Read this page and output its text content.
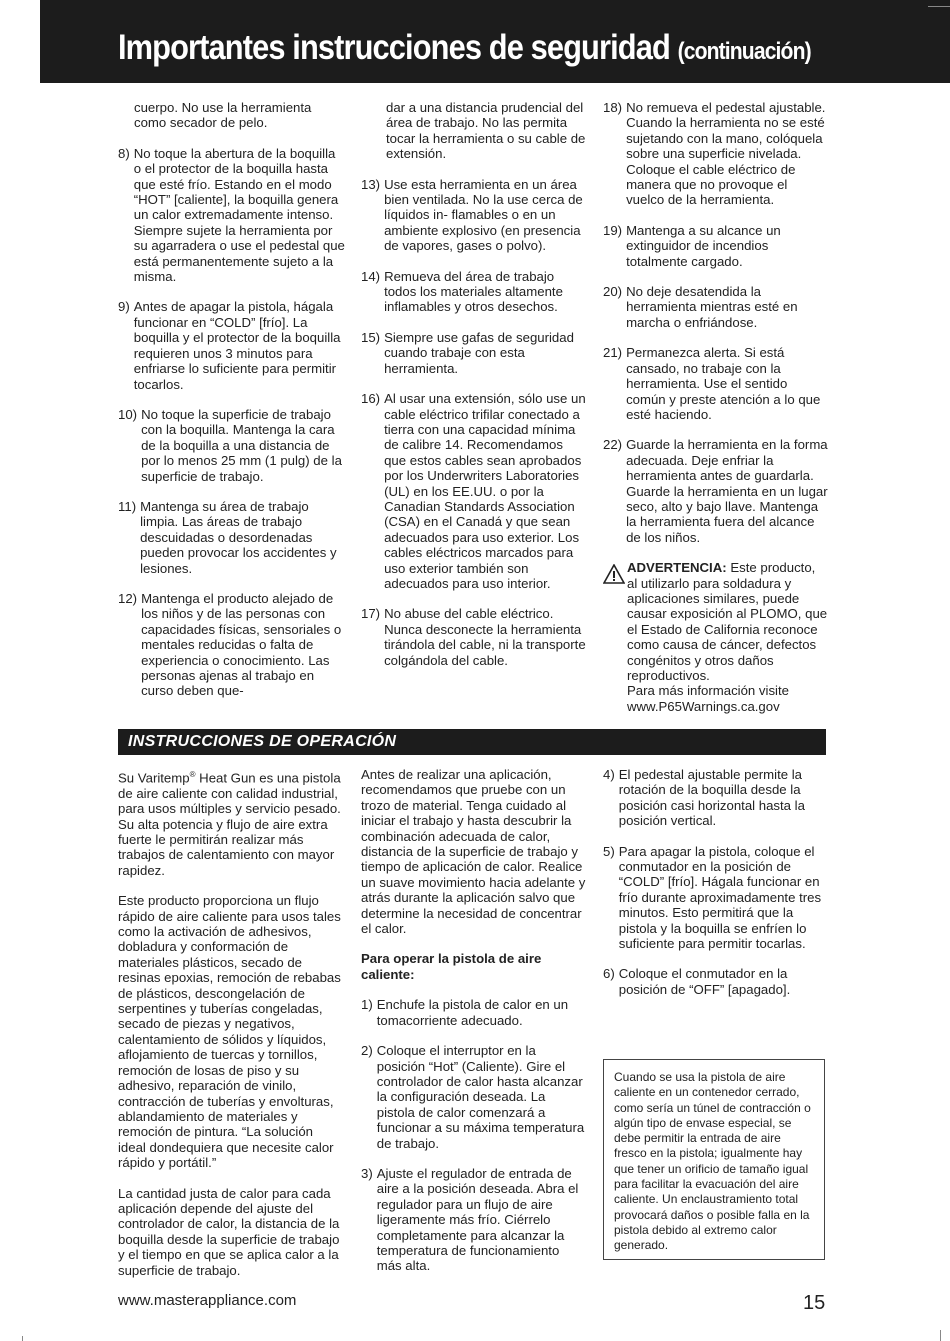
Importantes instrucciones de seguridad (continuación)

cuerpo. No use la herramienta como secador de pelo.

8) No toque la abertura de la boquilla o el protector de la boquilla hasta que esté frío. Estando en el modo “HOT” [caliente], la boquilla genera un calor extremadamente intenso. Siempre sujete la herramienta por su agarradera o use el pedestal que está permanentemente sujeto a la misma.
9) Antes de apagar la pistola, hágala funcionar en “COLD” [frío]. La boquilla y el protector de la boquilla requieren unos 3 minutos para enfriarse lo suficiente para permitir tocarlos.
10) No toque la superficie de trabajo con la boquilla. Mantenga la cara de la boquilla a una distancia de por lo menos 25 mm (1 pulg) de la superficie de trabajo.
11) Mantenga su área de trabajo limpia. Las áreas de trabajo descuidadas o desordenadas pueden provocar los accidentes y lesiones.
12) Mantenga el producto alejado de los niños y de las personas con capacidades físicas, sensoriales o mentales reducidas o falta de experiencia o conocimiento. Las personas ajenas al trabajo en curso deben que-

dar a una distancia prudencial del área de trabajo. No las permita tocar la herramienta o su cable de extensión.

13) Use esta herramienta en un área bien ventilada. No la use cerca de líquidos in- flamables o en un ambiente explosivo (en presencia de vapores, gases o polvo).
14) Remueva del área de trabajo todos los materiales altamente inflamables y otros desechos.
15) Siempre use gafas de seguridad cuando trabaje con esta herramienta.
16) Al usar una extensión, sólo use un cable eléctrico trifilar conectado a tierra con una capacidad mínima de calibre 14. Recomendamos que estos cables sean aprobados por los Underwriters Laboratories (UL) en los EE.UU. o por la Canadian Standards Association (CSA) en el Canadá y que sean adecuados para uso exterior. Los cables eléctricos marcados para uso exterior también son adecuados para uso interior.
17) No abuse del cable eléctrico. Nunca desconecte la herramienta tirándola del cable, ni la transporte colgándola del cable.
18) No remueva el pedestal ajustable. Cuando la herramienta no se esté sujetando con la mano, colóquela sobre una superficie nivelada. Coloque el cable eléctrico de manera que no provoque el vuelco de la herramienta.
19) Mantenga a su alcance un extinguidor de incendios totalmente cargado.
20) No deje desatendida la herramienta mientras esté en marcha o enfriándose.
21) Permanezca alerta. Si está cansado, no trabaje con la herramienta. Use el sentido común y preste atención a lo que esté haciendo.
22) Guarde la herramienta en la forma adecuada. Deje enfriar la herramienta antes de guardarla. Guarde la herramienta en un lugar seco, alto y bajo llave. Mantenga la herramienta fuera del alcance de los niños.
ADVERTENCIA: Este producto, al utilizarlo para soldadura y aplicaciones similares, puede causar exposición al PLOMO, que el Estado de California reconoce como causa de cáncer, defectos congénitos y otros daños reproductivos.
Para más información visite
www.P65Warnings.ca.gov
INSTRUCCIONES DE OPERACIÓN

Su Varitemp® Heat Gun es una pistola de aire caliente con calidad industrial, para usos múltiples y servicio pesado. Su alta potencia y flujo de aire extra fuerte le permitirán realizar más trabajos de calentamiento con mayor rapidez.

Este producto proporciona un flujo rápido de aire caliente para usos tales como la activación de adhesivos, dobladura y conformación de materiales plásticos, secado de resinas epoxias, remoción de rebabas de plásticos, descongelación de serpentines y tuberías congeladas, secado de piezas y negativos, calentamiento de sólidos y líquidos, aflojamiento de tuercas y tornillos, remoción de losas de piso y su adhesivo, reparación de vinilo, contracción de tuberías y envolturas, ablandamiento de materiales y remoción de pintura. “La solución ideal dondequiera que necesite calor rápido y portátil.”

La cantidad justa de calor para cada aplicación depende del ajuste del controlador de calor, la distancia de la boquilla desde la superficie de trabajo y el tiempo en que se aplica calor a la superficie de trabajo.

Antes de realizar una aplicación, recomendamos que pruebe con un trozo de material. Tenga cuidado al iniciar el trabajo y hasta descubrir la combinación adecuada de calor, distancia de la superficie de trabajo y tiempo de aplicación de calor. Realice un suave movimiento hacia adelante y atrás durante la aplicación salvo que determine la necesidad de concentrar el calor.

Para operar la pistola de aire caliente:

1) Enchufe la pistola de calor en un tomacorriente adecuado.
2) Coloque el interruptor en la posición “Hot” (Caliente). Gire el controlador de calor hasta alcanzar la configuración deseada. La pistola de calor comenzará a funcionar a su máxima temperatura de trabajo.
3) Ajuste el regulador de entrada de aire a la posición deseada. Abra el regulador para un flujo de aire ligeramente más frío. Ciérrelo completamente para alcanzar la temperatura de funcionamiento más alta.
4) El pedestal ajustable permite la rotación de la boquilla desde la posición casi horizontal hasta la posición vertical.
5) Para apagar la pistola, coloque el conmutador en la posición de “COLD” [frío]. Hágala funcionar en frío durante aproximadamente tres minutos. Esto permitirá que la pistola y la boquilla se enfríen lo suficiente para permitir tocarlas.
6) Coloque el conmutador en la posición de “OFF” [apagado].
Cuando se usa la pistola de aire caliente en un contenedor cerrado, como sería un túnel de contracción o algún tipo de envase especial, se debe permitir la entrada de aire fresco en la pistola; igualmente hay que tener un orificio de tamaño igual para facilitar la evacuación del aire caliente. Un enclaustramiento total provocará daños o posible falla en la pistola debido al extremo calor generado.
www.masterappliance.com	15
